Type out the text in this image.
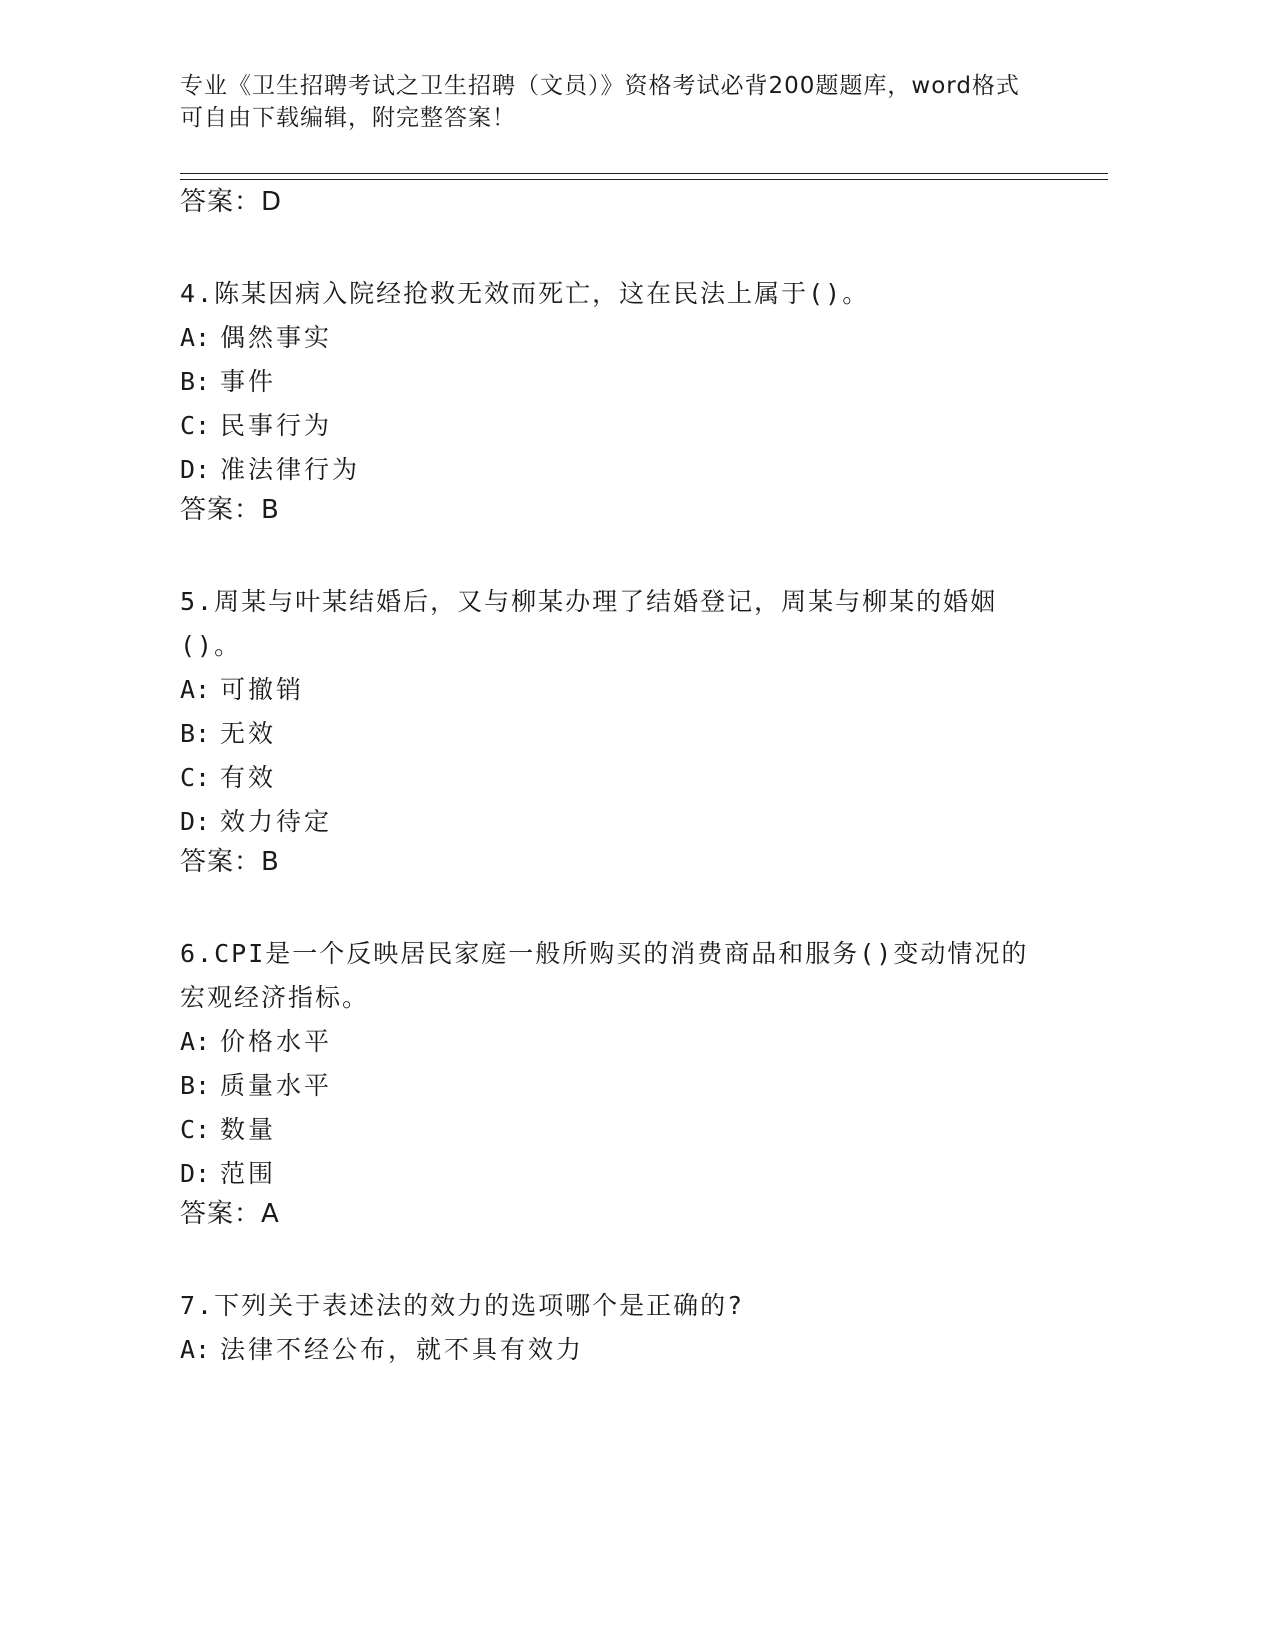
专业《卫生招聘考试之卫生招聘（文员）》资格考试必背200题题库，word格式
可自由下载编辑，附完整答案！
答案：D
4.陈某因病入院经抢救无效而死亡，这在民法上属于()。
A: 偶然事实
B: 事件
C: 民事行为
D: 准法律行为
答案：B
5.周某与叶某结婚后，又与柳某办理了结婚登记，周某与柳某的婚姻
()。
A: 可撤销
B: 无效
C: 有效
D: 效力待定
答案：B
6.CPI是一个反映居民家庭一般所购买的消费商品和服务()变动情况的
宏观经济指标。
A: 价格水平
B: 质量水平
C: 数量
D: 范围
答案：A
7.下列关于表述法的效力的选项哪个是正确的?
A: 法律不经公布，就不具有效力
